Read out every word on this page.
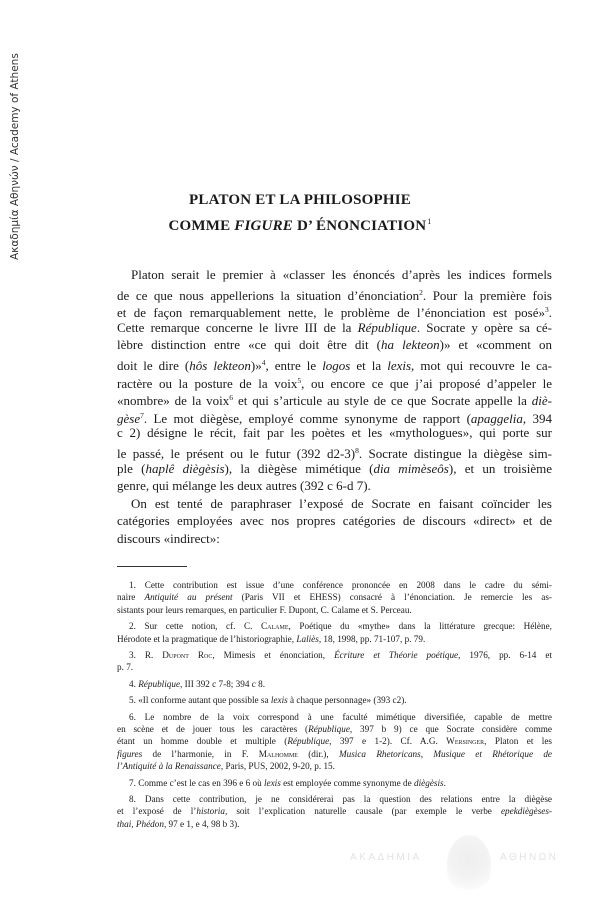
Ακαδημία Αθηνών / Academy of Athens	PLATON ET LA PHILOSOPHIE
COMME FIGURE D’ ÉNONCIATION$^1$
Platon serait le premier à «classer les énoncés d’après les indices formels
de ce que nous appellerions la situation d’énonciation$^2$. Pour la première fois
et de façon remarquablement nette, le problème de l’énonciation est posé»$^3$.
Cette remarque concerne le livre III de la République. Socrate y opère sa cé-
lèbre distinction entre «ce qui doit être dit (ha lekteon)» et «comment on
doit le dire (hôs lekteon)»$^4$, entre le logos et la lexis, mot qui recouvre le ca-
ractère ou la posture de la voix$^5$, ou encore ce que j’ai proposé d’appeler le
«nombre» de la voix$^6$ et qui s’articule au style de ce que Socrate appelle la diè-
gèse$^7$. Le mot diègèse, employé comme synonyme de rapport (apaggelia, 394
c 2) désigne le récit, fait par les poètes et les «mythologues», qui porte sur
le passé, le présent ou le futur (392 d2-3)$^8$. Socrate distingue la diègèse sim-
ple (haplê diègèsis), la diègèse mimétique (dia mimèseôs), et un troisième
genre, qui mélange les deux autres (392 c 6-d 7).
On est tenté de paraphraser l’exposé de Socrate en faisant coïncider les
catégories employées avec nos propres catégories de discours «direct» et de
discours «indirect»:
1. Cette contribution est issue d’une conférence prononcée en 2008 dans le cadre du sémi-
naire Antiquité au présent (Paris VII et EHESS) consacré à l’énonciation. Je remercie les as-
sistants pour leurs remarques, en particulier F. Dupont, C. Calame et S. Perceau.
2. Sur cette notion, cf. C. Calame, Poétique du «mythe» dans la littérature grecque: Hélène,
Hérodote et la pragmatique de l’historiographie, Laliès, 18, 1998, pp. 71-107, p. 79.
3. R. Dupont Roc, Mimesis et énonciation, Écriture et Théorie poétique, 1976, pp. 6-14 et
p. 7.
4. République, III 392 c 7-8; 394 c 8.
5. «Il conforme autant que possible sa lexis à chaque personnage» (393 c2).
6. Le nombre de la voix correspond à une faculté mimétique diversifiée, capable de mettre
en scène et de jouer tous les caractères (République, 397 b 9) ce que Socrate considère comme
étant un homme double et multiple (République, 397 e 1-2). Cf. A.G. Wersinger, Platon et les
figures de l’harmonie, in F. Malhomme (dir.), Musica Rhetoricans, Musique et Rhétorique de
l’Antiquité à la Renaissance, Paris, PUS, 2002, 9-20, p. 15.
7. Comme c’est le cas en 396 e 6 où lexis est employée comme synonyme de diègèsis.
8. Dans cette contribution, je ne considérerai pas la question des relations entre la diègèse
et l’exposé de l’historia, soit l’explication naturelle causale (par exemple le verbe epekdiègèses-
thai, Phédon, 97 e 1, e 4, 98 b 3).
ΑΚΑΔΗΜΙΑ	ΑΘΗΝΩΝ
